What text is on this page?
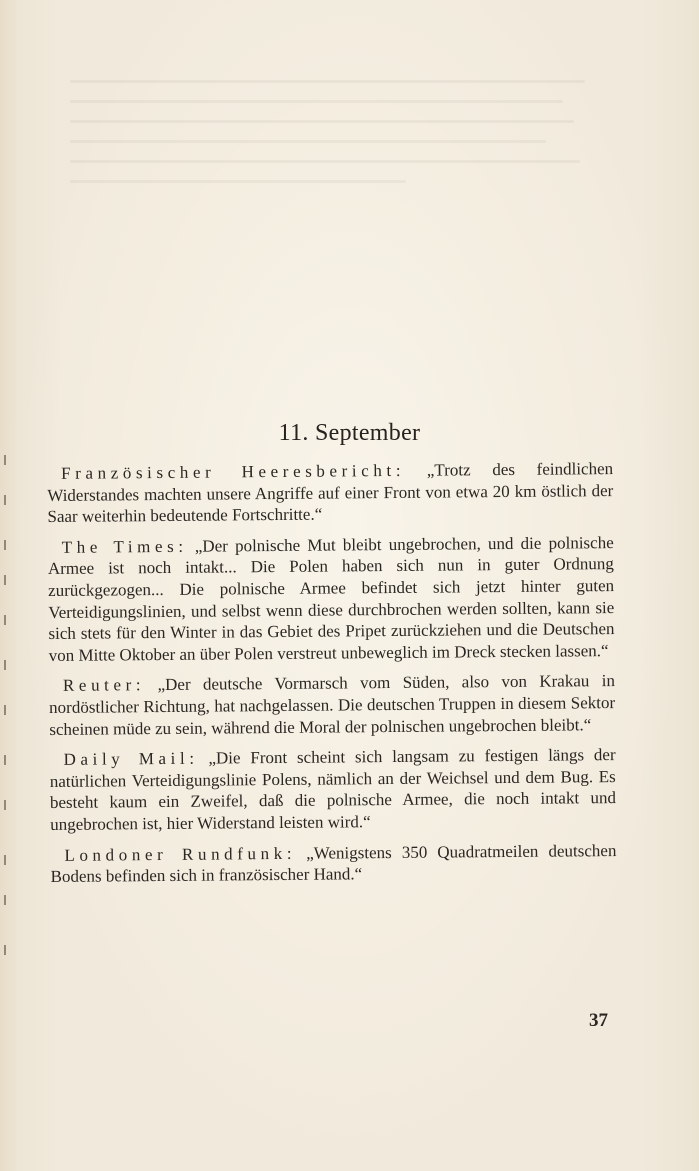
11. September

Französischer Heeresbericht: „Trotz des feindlichen Widerstandes machten unsere Angriffe auf einer Front von etwa 20 km östlich der Saar weiterhin bedeutende Fortschritte.“

The Times: „Der polnische Mut bleibt ungebrochen, und die polnische Armee ist noch intakt... Die Polen haben sich nun in guter Ordnung zurückgezogen... Die polnische Armee befindet sich jetzt hinter guten Verteidigungslinien, und selbst wenn diese durchbrochen werden sollten, kann sie sich stets für den Winter in das Gebiet des Pripet zurückziehen und die Deutschen von Mitte Oktober an über Polen verstreut unbeweglich im Dreck stecken lassen.“

Reuter: „Der deutsche Vormarsch vom Süden, also von Krakau in nordöstlicher Richtung, hat nachgelassen. Die deutschen Truppen in diesem Sektor scheinen müde zu sein, während die Moral der polnischen ungebrochen bleibt.“

Daily Mail: „Die Front scheint sich langsam zu festigen längs der natürlichen Verteidigungslinie Polens, nämlich an der Weichsel und dem Bug. Es besteht kaum ein Zweifel, daß die polnische Armee, die noch intakt und ungebrochen ist, hier Widerstand leisten wird.“

Londoner Rundfunk: „Wenigstens 350 Quadratmeilen deutschen Bodens befinden sich in französischer Hand.“

37
